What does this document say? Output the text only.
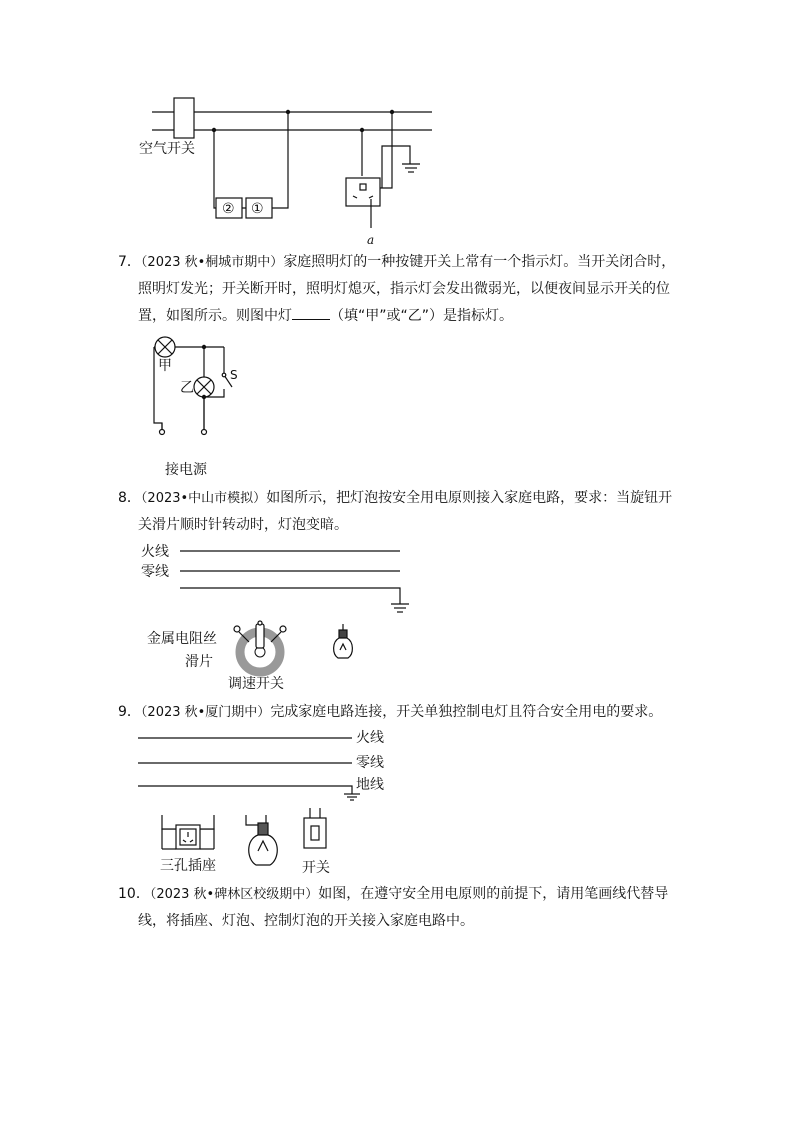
空气开关
② ①
a

7．（2023 秋•桐城市期中）家庭照明灯的一种按键开关上常有一个指示灯。当开关闭合时，

照明灯发光；开关断开时，照明灯熄灭，指示灯会发出微弱光，以便夜间显示开关的位

置，如图所示。则图中灯	（填“甲”或“乙”）是指标灯。

甲
乙
S
接电源

8．（2023•中山市模拟）如图所示，把灯泡按安全用电原则接入家庭电路，要求：当旋钮开

关滑片顺时针转动时，灯泡变暗。

火线
零线
金属电阻丝
滑片
调速开关

9．（2023 秋•厦门期中）完成家庭电路连接，开关单独控制电灯且符合安全用电的要求。

火线
零线
地线
三孔插座	开关

10．（2023 秋•碑林区校级期中）如图，在遵守安全用电原则的前提下，请用笔画线代替导

线，将插座、灯泡、控制灯泡的开关接入家庭电路中。
